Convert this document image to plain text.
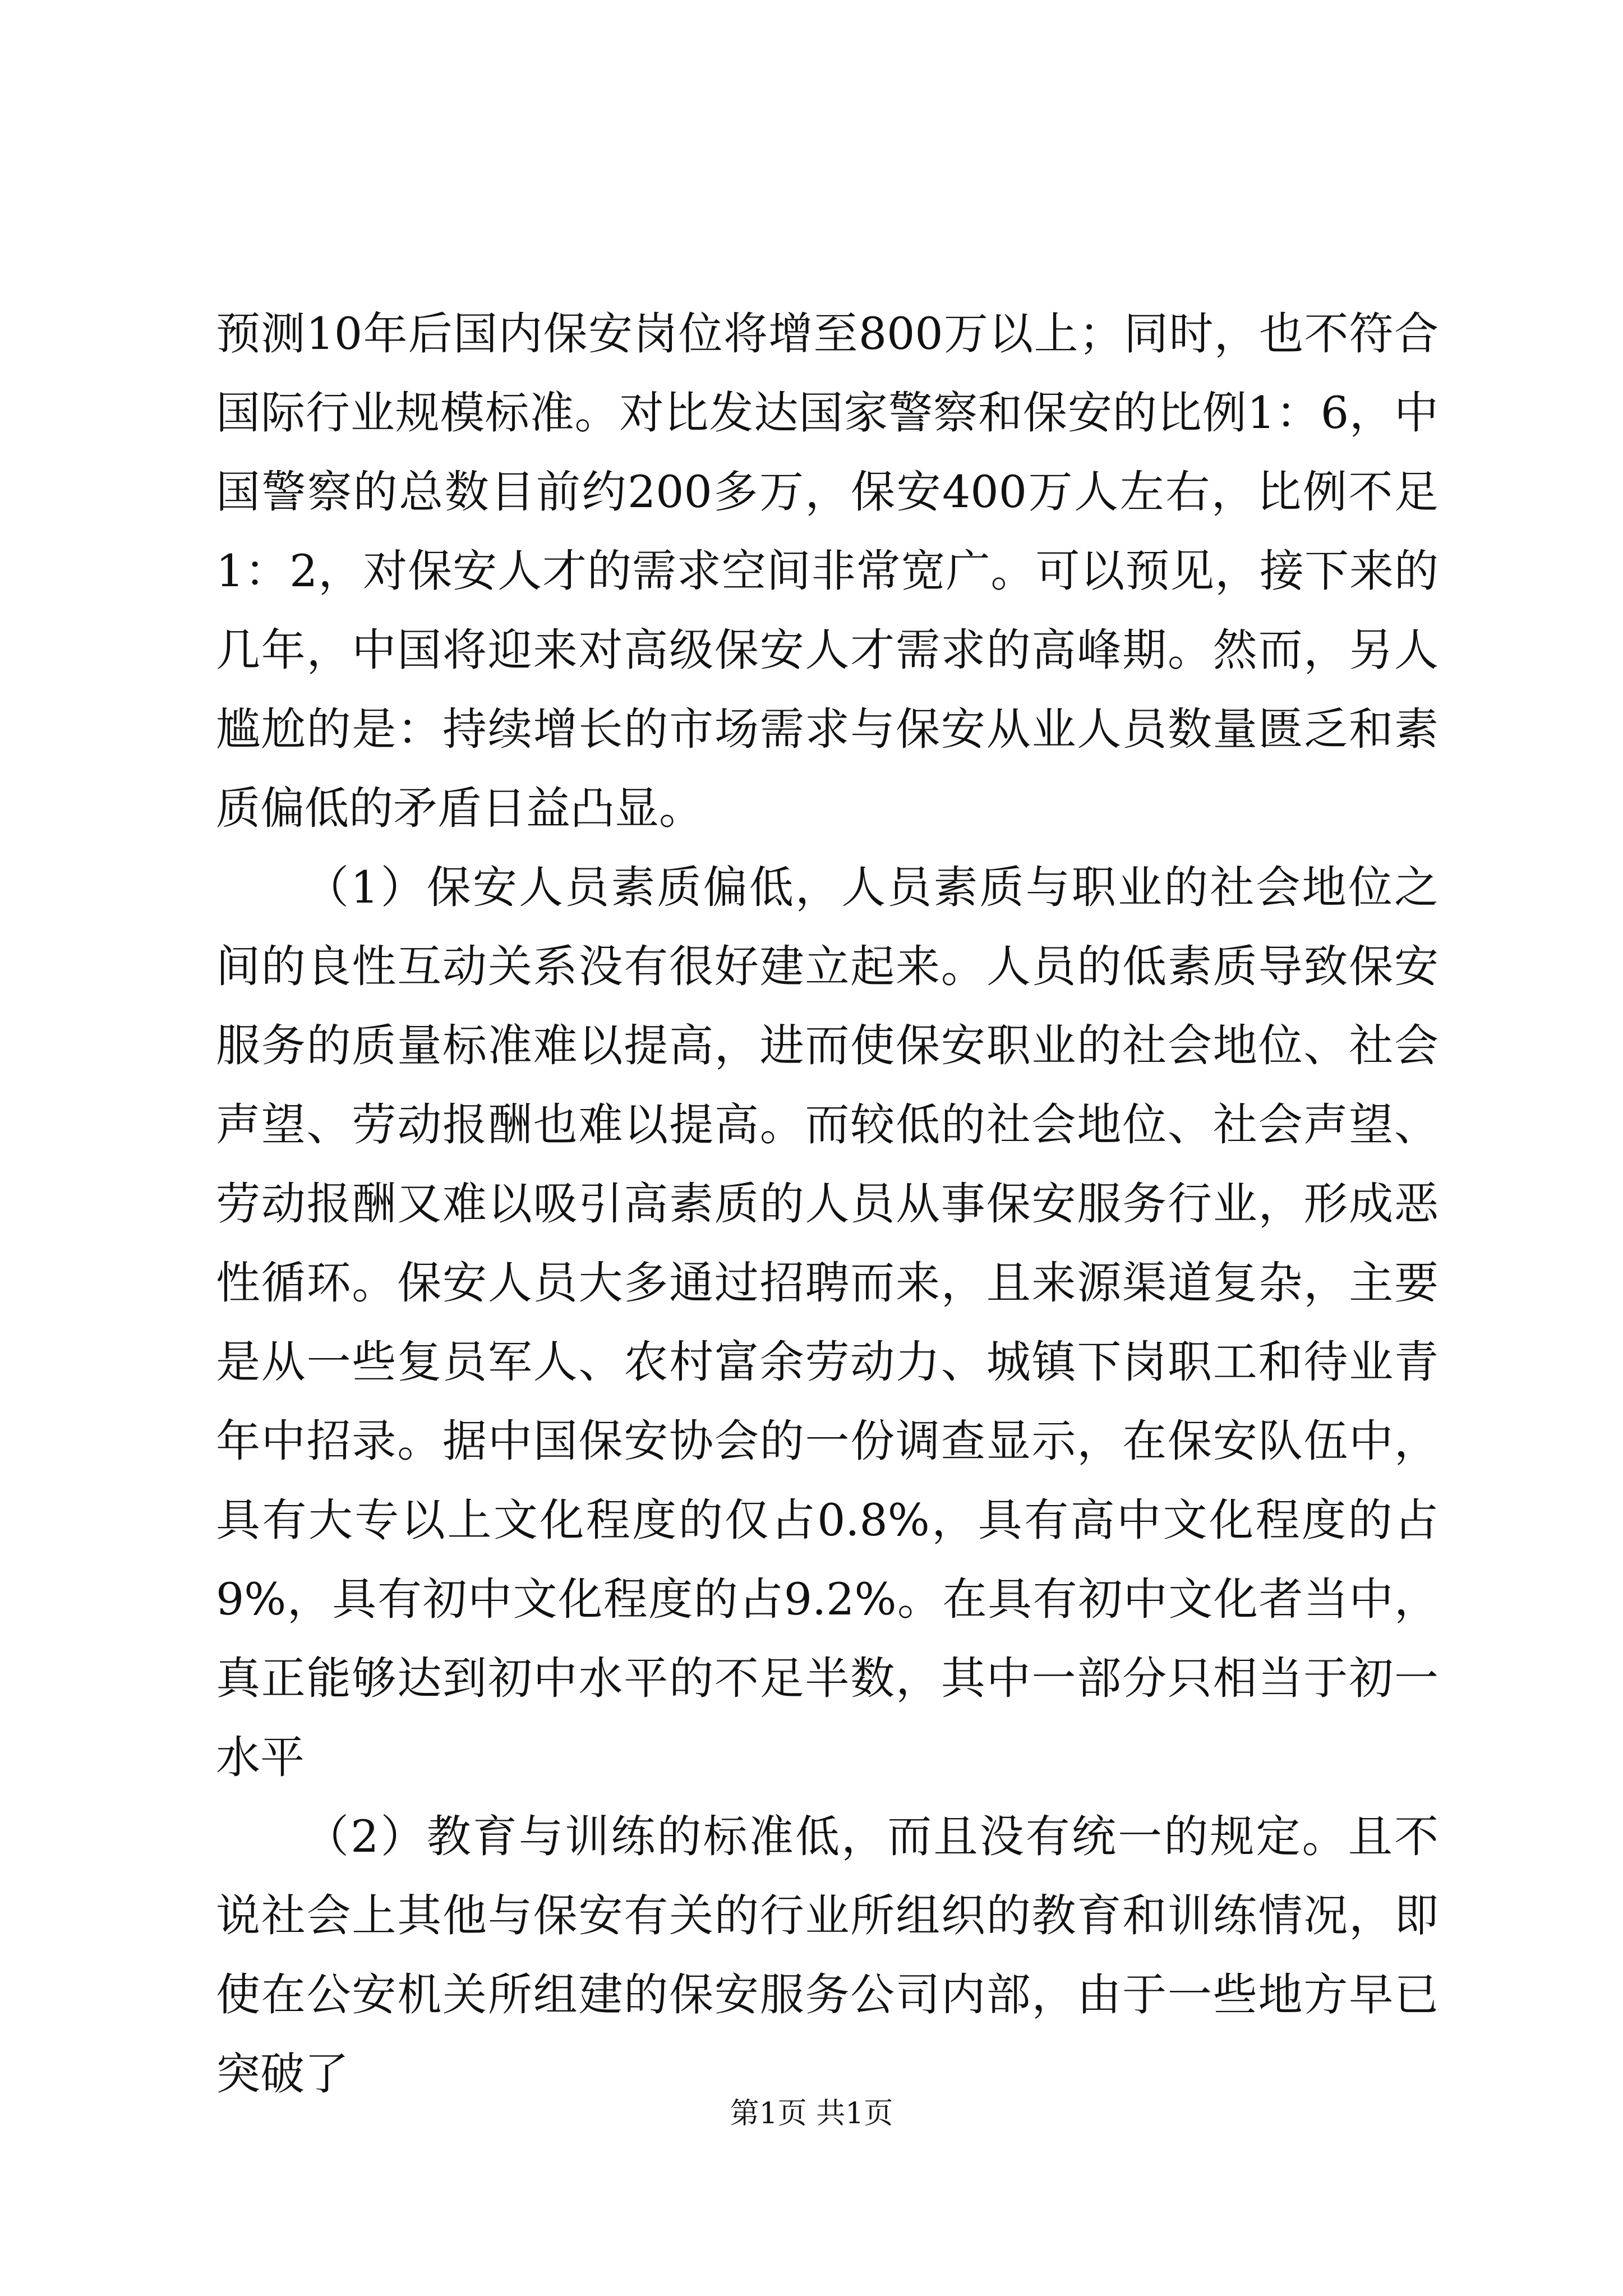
预测10年后国内保安岗位将增至800万以上；同时，也不符合国际行业规模标准。对比发达国家警察和保安的比例1：6，中国警察的总数目前约200多万，保安400万人左右，比例不足1：2，对保安人才的需求空间非常宽广。可以预见，接下来的几年，中国将迎来对高级保安人才需求的高峰期。然而，另人尴尬的是：持续增长的市场需求与保安从业人员数量匮乏和素质偏低的矛盾日益凸显。

（1）保安人员素质偏低，人员素质与职业的社会地位之间的良性互动关系没有很好建立起来。人员的低素质导致保安服务的质量标准难以提高，进而使保安职业的社会地位、社会声望、劳动报酬也难以提高。而较低的社会地位、社会声望、劳动报酬又难以吸引高素质的人员从事保安服务行业，形成恶性循环。保安人员大多通过招聘而来，且来源渠道复杂，主要是从一些复员军人、农村富余劳动力、城镇下岗职工和待业青年中招录。据中国保安协会的一份调查显示，在保安队伍中，具有大专以上文化程度的仅占0.8%，具有高中文化程度的占9%，具有初中文化程度的占9.2%。在具有初中文化者当中，真正能够达到初中水平的不足半数，其中一部分只相当于初一水平

（2）教育与训练的标准低，而且没有统一的规定。且不说社会上其他与保安有关的行业所组织的教育和训练情况，即使在公安机关所组建的保安服务公司内部，由于一些地方早已突破了

第1页 共1页
